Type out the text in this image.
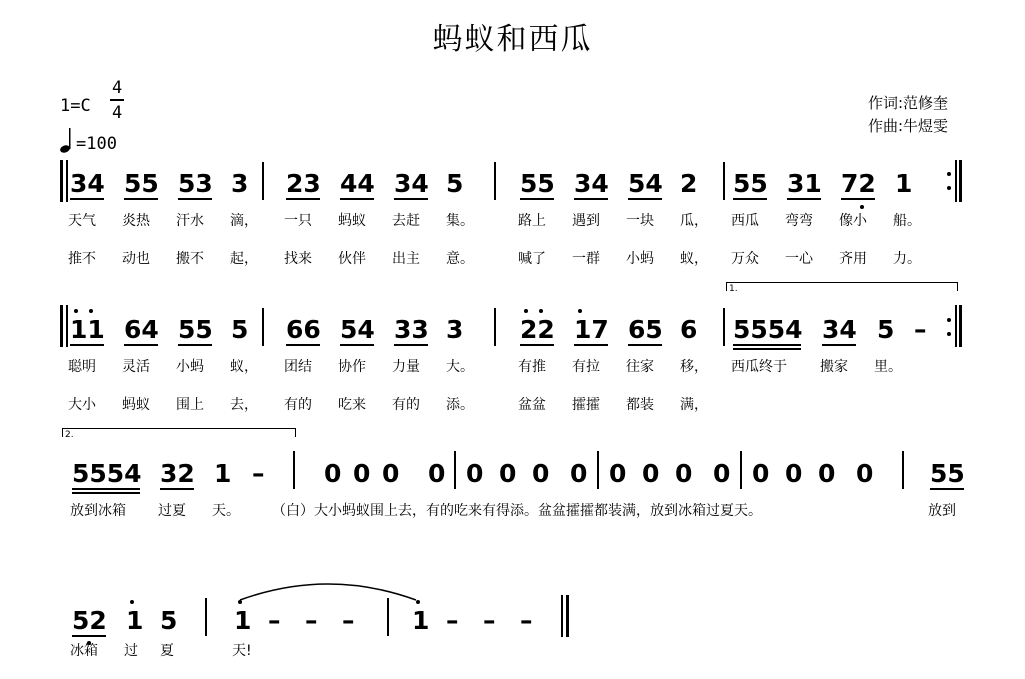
蚂蚁和西瓜
1=C
4
4
=100
作词:范修奎
作曲:牛煜雯
34 55 53 3 23 44 34 5 55 34 54 2 55 31 72 1
天气 炎热 汗水 滴， 一只 蚂蚁 去赶 集。	路上 遇到 一块 瓜， 西瓜 弯弯 像小 船。
推不 动也 搬不 起， 找来 伙伴 出主 意。	喊了 一群 小蚂 蚁， 万众 一心 齐用 力。
1.
11 64 55 5 66 54 33 3 22 17 65 6 5554 34 5 –
聪明 灵活 小蚂 蚁， 团结 协作 力量 大。	有推 有拉 往家 移， 西瓜终于 搬家 里。
大小 蚂蚁 围上 去， 有的 吃来 有的 添。	盆盆 攉攉 都装 满，
2.
5554 32 1 – 0 0 0 0 0 0 0 0 0 0 0 0 0 0 0 0 55
放到冰箱 过夏 天。 （白）大小蚂蚁围上去，有的吃来有得添。盆盆攉攉都装满，放到冰箱过夏天。	放到
52 1 5 1 – – – 1 – – –
冰箱 过 夏	天!
